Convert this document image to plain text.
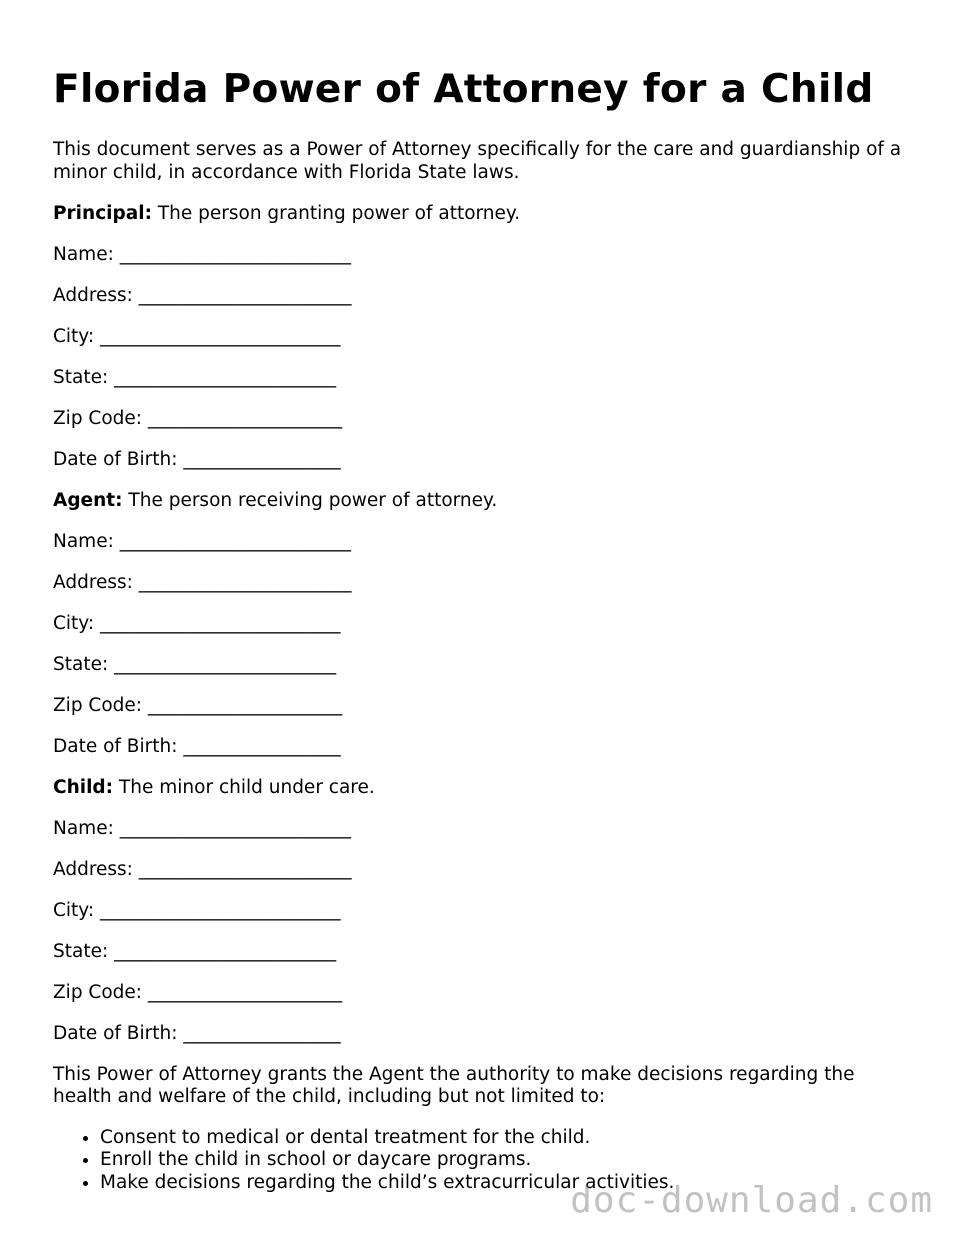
Florida Power of Attorney for a Child

This document serves as a Power of Attorney specifically for the care and guardianship of a minor child, in accordance with Florida State laws.

Principal: The person granting power of attorney.
Name: _________________________
Address: _______________________
City: __________________________
State: ________________________
Zip Code: _____________________
Date of Birth: _________________
Agent: The person receiving power of attorney.
Name: _________________________
Address: _______________________
City: __________________________
State: ________________________
Zip Code: _____________________
Date of Birth: _________________
Child: The minor child under care.
Name: _________________________
Address: _______________________
City: __________________________
State: ________________________
Zip Code: _____________________
Date of Birth: _________________

This Power of Attorney grants the Agent the authority to make decisions regarding the health and welfare of the child, including but not limited to:

• Consent to medical or dental treatment for the child.
• Enroll the child in school or daycare programs.
• Make decisions regarding the child’s extracurricular activities.
doc-download.com
